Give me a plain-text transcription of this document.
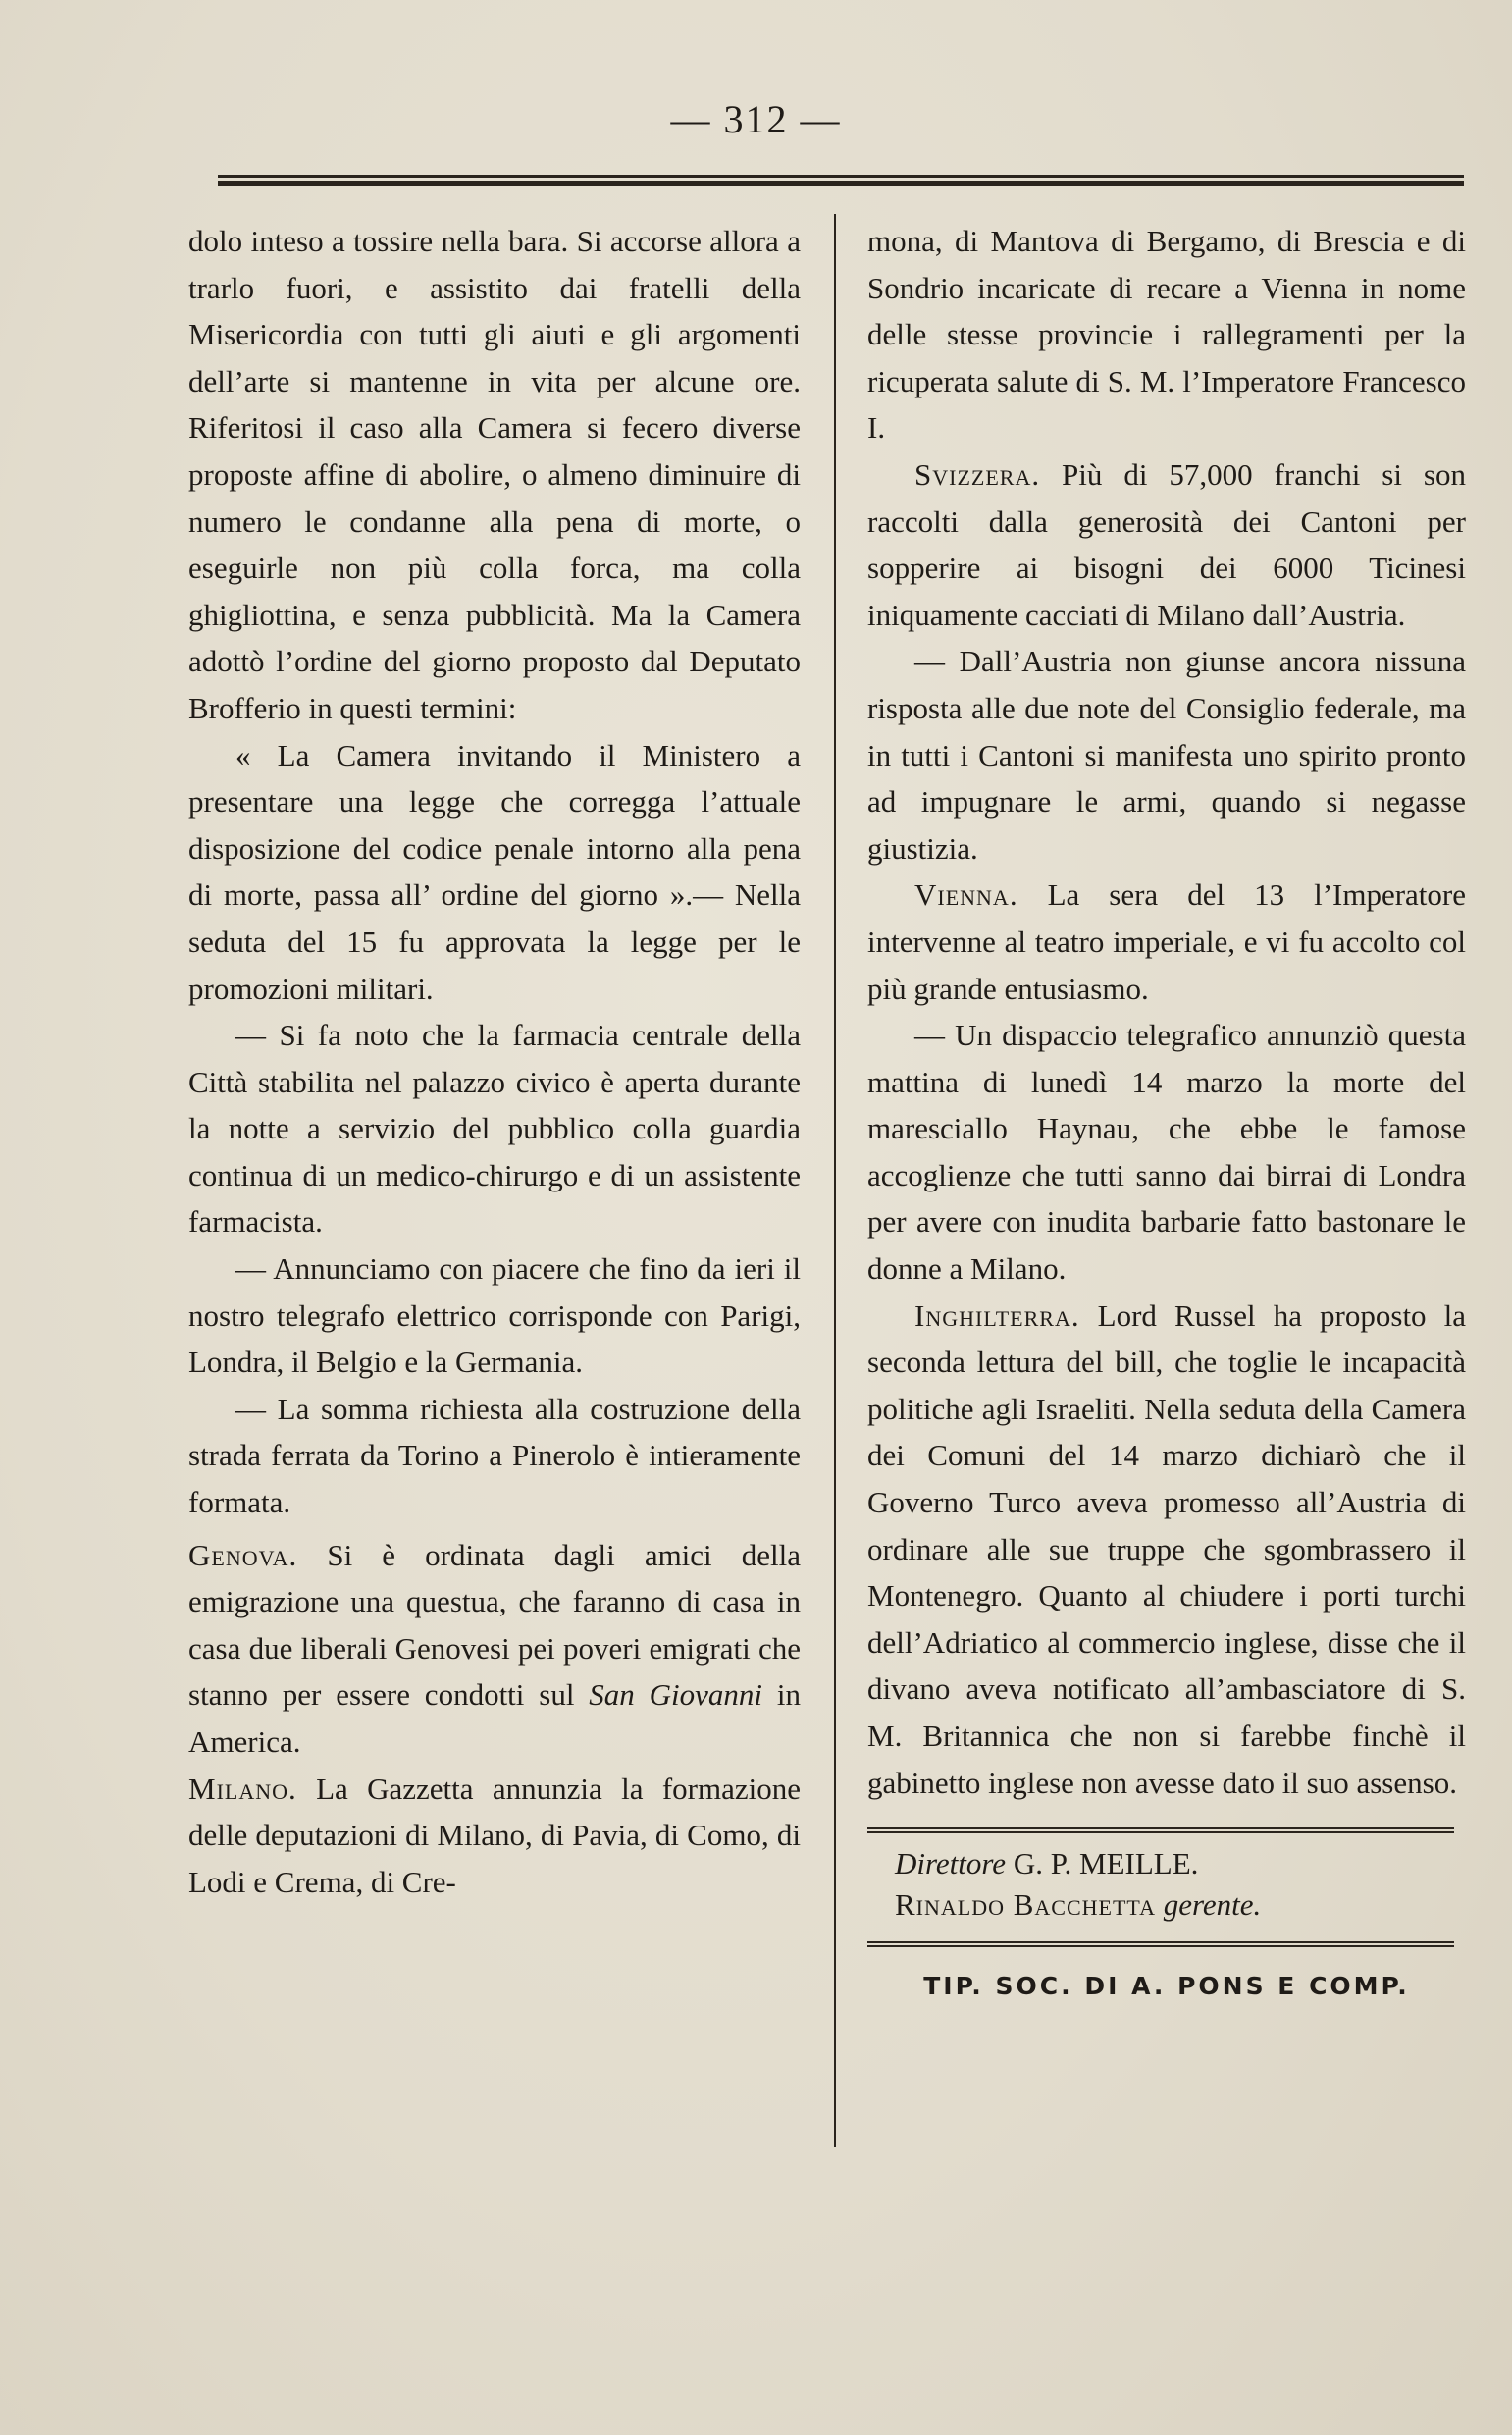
— 312 —

dolo inteso a tossire nella bara. Si accorse allora a trarlo fuori, e assistito dai fratelli della Misericordia con tutti gli aiuti e gli argomenti dell’arte si mantenne in vita per alcune ore. Riferitosi il caso alla Camera si fecero diverse proposte affine di abolire, o almeno diminuire di numero le condanne alla pena di morte, o eseguirle non più colla forca, ma colla ghigliottina, e senza pubblicità. Ma la Camera adottò l’ordine del giorno proposto dal Deputato Brofferio in questi termini:

« La Camera invitando il Ministero a presentare una legge che corregga l’attuale disposizione del codice penale intorno alla pena di morte, passa all’ ordine del giorno ».— Nella seduta del 15 fu approvata la legge per le promozioni militari.

— Si fa noto che la farmacia centrale della Città stabilita nel palazzo civico è aperta durante la notte a servizio del pubblico colla guardia continua di un medico-chirurgo e di un assistente farmacista.

— Annunciamo con piacere che fino da ieri il nostro telegrafo elettrico corrisponde con Parigi, Londra, il Belgio e la Germania.

— La somma richiesta alla costruzione della strada ferrata da Torino a Pinerolo è intieramente formata.

Genova. Si è ordinata dagli amici della emigrazione una questua, che faranno di casa in casa due liberali Genovesi pei poveri emigrati che stanno per essere condotti sul San Giovanni in America.

Milano. La Gazzetta annunzia la formazione delle deputazioni di Milano, di Pavia, di Como, di Lodi e Crema, di Cre-

mona, di Mantova di Bergamo, di Brescia e di Sondrio incaricate di recare a Vienna in nome delle stesse provincie i rallegramenti per la ricuperata salute di S. M. l’Imperatore Francesco I.

Svizzera. Più di 57,000 franchi si son raccolti dalla generosità dei Cantoni per sopperire ai bisogni dei 6000 Ticinesi iniquamente cacciati di Milano dall’Austria.

— Dall’Austria non giunse ancora nissuna risposta alle due note del Consiglio federale, ma in tutti i Cantoni si manifesta uno spirito pronto ad impugnare le armi, quando si negasse giustizia.

Vienna. La sera del 13 l’Imperatore intervenne al teatro imperiale, e vi fu accolto col più grande entusiasmo.

— Un dispaccio telegrafico annunziò questa mattina di lunedì 14 marzo la morte del maresciallo Haynau, che ebbe le famose accoglienze che tutti sanno dai birrai di Londra per avere con inudita barbarie fatto bastonare le donne a Milano.

Inghilterra. Lord Russel ha proposto la seconda lettura del bill, che toglie le incapacità politiche agli Israeliti. Nella seduta della Camera dei Comuni del 14 marzo dichiarò che il Governo Turco aveva promesso all’Austria di ordinare alle sue truppe che sgombrassero il Montenegro. Quanto al chiudere i porti turchi dell’Adriatico al commercio inglese, disse che il divano aveva notificato all’ambasciatore di S. M. Britannica che non si farebbe finchè il gabinetto inglese non avesse dato il suo assenso.

Direttore G. P. MEILLE.
Rinaldo Bacchetta gerente.
TIP. SOC. DI A. PONS E COMP.
